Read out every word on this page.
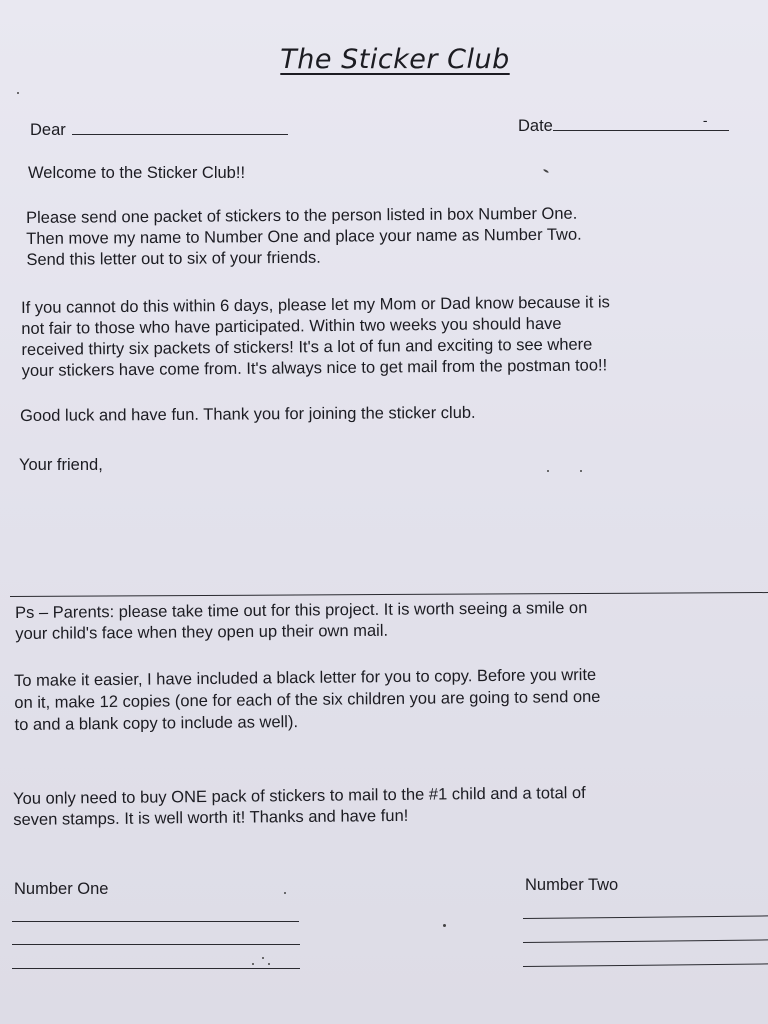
The Sticker Club
Dear	Date	-
Welcome to the Sticker Club!!
Please send one packet of stickers to the person listed in box Number One.
Then move my name to Number One and place your name as Number Two.
Send this letter out to six of your friends.
If you cannot do this within 6 days, please let my Mom or Dad know because it is
not fair to those who have participated. Within two weeks you should have
received thirty six packets of stickers! It's a lot of fun and exciting to see where
your stickers have come from. It's always nice to get mail from the postman too!!
Good luck and have fun. Thank you for joining the sticker club.
Your friend,
Ps – Parents: please take time out for this project. It is worth seeing a smile on
your child's face when they open up their own mail.
To make it easier, I have included a black letter for you to copy. Before you write
on it, make 12 copies (one for each of the six children you are going to send one
to and a blank copy to include as well).
You only need to buy ONE pack of stickers to mail to the #1 child and a total of
seven stamps. It is well worth it! Thanks and have fun!
Number One	Number Two
